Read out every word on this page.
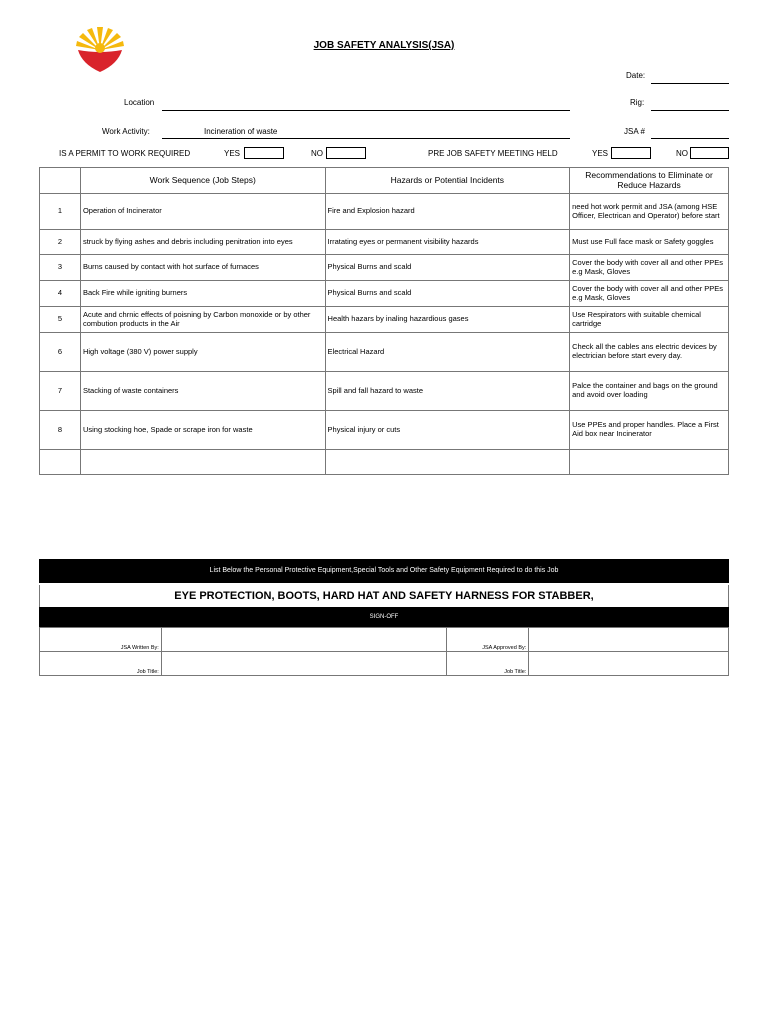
JOB SAFETY ANALYSIS(JSA)
Date:
Location	Rig:
Work Activity:	Incineration of waste	JSA #
IS A PERMIT TO WORK REQUIRED	YES	NO	PRE JOB SAFETY MEETING HELD	YES	NO
	Work Sequence (Job Steps)	Hazards or Potential Incidents	Recommendations to Eliminate or Reduce Hazards
1	Operation of Incinerator	Fire and Explosion hazard	need hot work permit and JSA (among HSE Officer, Electrican and Operator) before start
2	struck by flying ashes and debris including penitration into eyes	Irratating eyes or permanent visibility hazards	Must use Full face mask or Safety goggles
3	Burns caused by contact with hot surface of furnaces	Physical Burns and scald	Cover the body with cover all and other PPEs e.g Mask, Gloves
4	Back Fire while igniting burners	Physical Burns and scald	Cover the body with cover all and other PPEs e.g Mask, Gloves
5	Acute and chrnic effects of poisning by Carbon monoxide or by other combution products in the Air	Health hazars by inaling hazardious gases	Use Respirators with suitable chemical cartridge
6	High voltage (380 V) power supply	Electrical Hazard	Check all the cables ans electric devices by electrician before start every day.
7	Stacking of waste containers	Spill and fall hazard to waste	Palce the container and bags on the ground and avoid over loading
8	Using stocking hoe, Spade or scrape iron for waste	Physical injury or cuts	Use PPEs and proper handles. Place a First Aid box near Incinerator

List Below the Personal Protective Equipment,Special Tools and Other Safety Equipment Required to do this Job
EYE PROTECTION, BOOTS, HARD HAT AND SAFETY HARNESS FOR STABBER,
SIGN-OFF
JSA Written By:		JSA Approved By:	
Job Title:		Job Title:	
